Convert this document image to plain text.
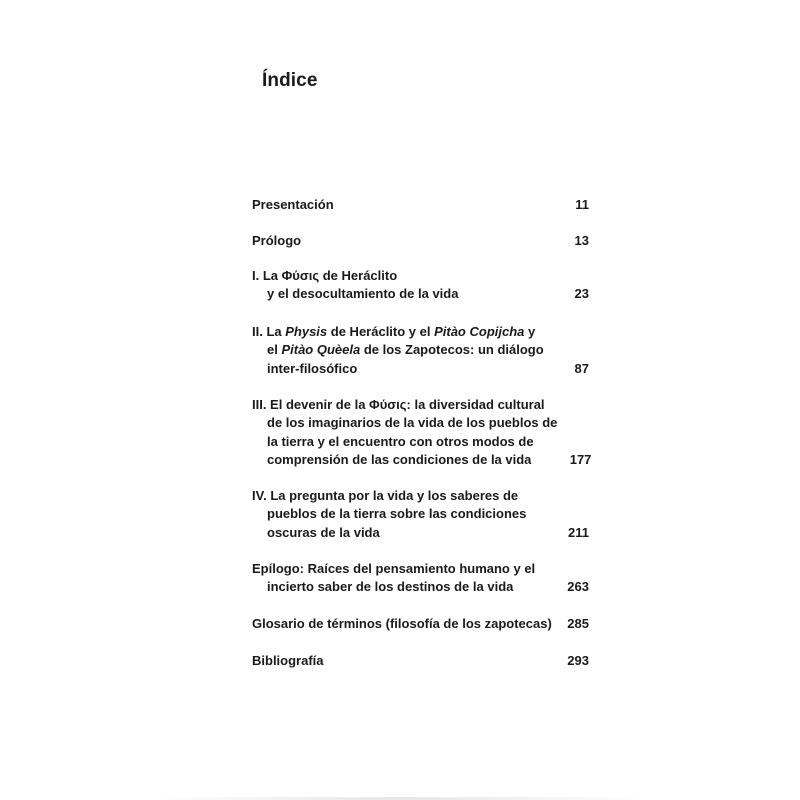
Índice
Presentación	11
Prólogo	13
I. La Φύσις de Heráclito
y el desocultamiento de la vida	23
II. La Physis de Heráclito y el Pitào Copijcha y
el Pitào Quèela de los Zapotecos: un diálogo
inter-filosófico	87
III. El devenir de la Φύσις: la diversidad cultural
de los imaginarios de la vida de los pueblos de
la tierra y el encuentro con otros modos de
comprensión de las condiciones de la vida	177
IV. La pregunta por la vida y los saberes de
pueblos de la tierra sobre las condiciones
oscuras de la vida	211
Epílogo: Raíces del pensamiento humano y el
incierto saber de los destinos de la vida	263
Glosario de términos (filosofía de los zapotecas)	285
Bibliografía	293
